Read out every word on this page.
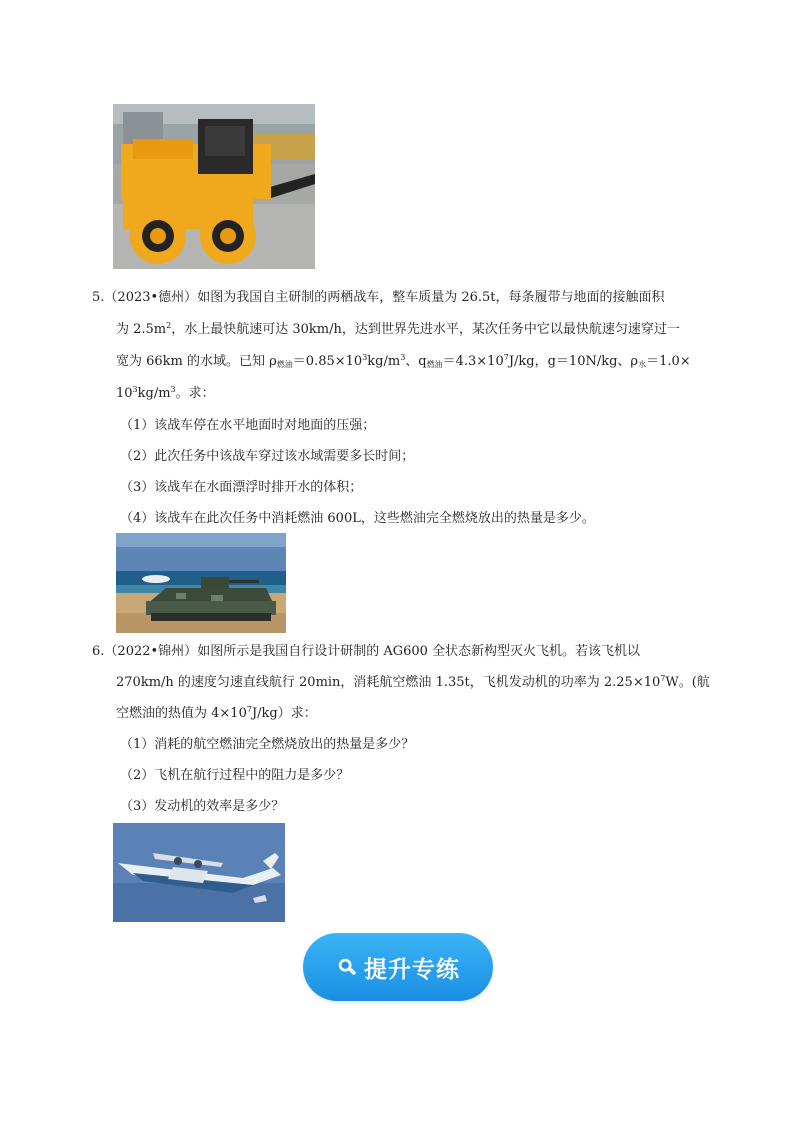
5.（2023•德州）如图为我国自主研制的两栖战车，整车质量为 26.5t，每条履带与地面的接触面积
为 $2.5m^2$，水上最快航速可达 30km/h，达到世界先进水平，某次任务中它以最快航速匀速穿过一
宽为 66km 的水域。已知 $\rho_{燃油}=0.85\times 10^3kg/m^3$、$q_{燃油}=4.3\times 10^7J/kg$，g＝10N/kg、$\rho_水=1.0\times$
$10^3kg/m^3$。求：
（1）该战车停在水平地面时对地面的压强；
（2）此次任务中该战车穿过该水域需要多长时间；
（3）该战车在水面漂浮时排开水的体积；
（4）该战车在此次任务中消耗燃油 600L，这些燃油完全燃烧放出的热量是多少。
6.（2022•锦州）如图所示是我国自行设计研制的 AG600 全状态新构型灭火飞机。若该飞机以
270km/h 的速度匀速直线航行 20min，消耗航空燃油 1.35t，飞机发动机的功率为 $2.25\times 10^7W$。(航
空燃油的热值为 $4\times 10^7J/kg$）求：
（1）消耗的航空燃油完全燃烧放出的热量是多少？
（2）飞机在航行过程中的阻力是多少？
（3）发动机的效率是多少？
提升专练
